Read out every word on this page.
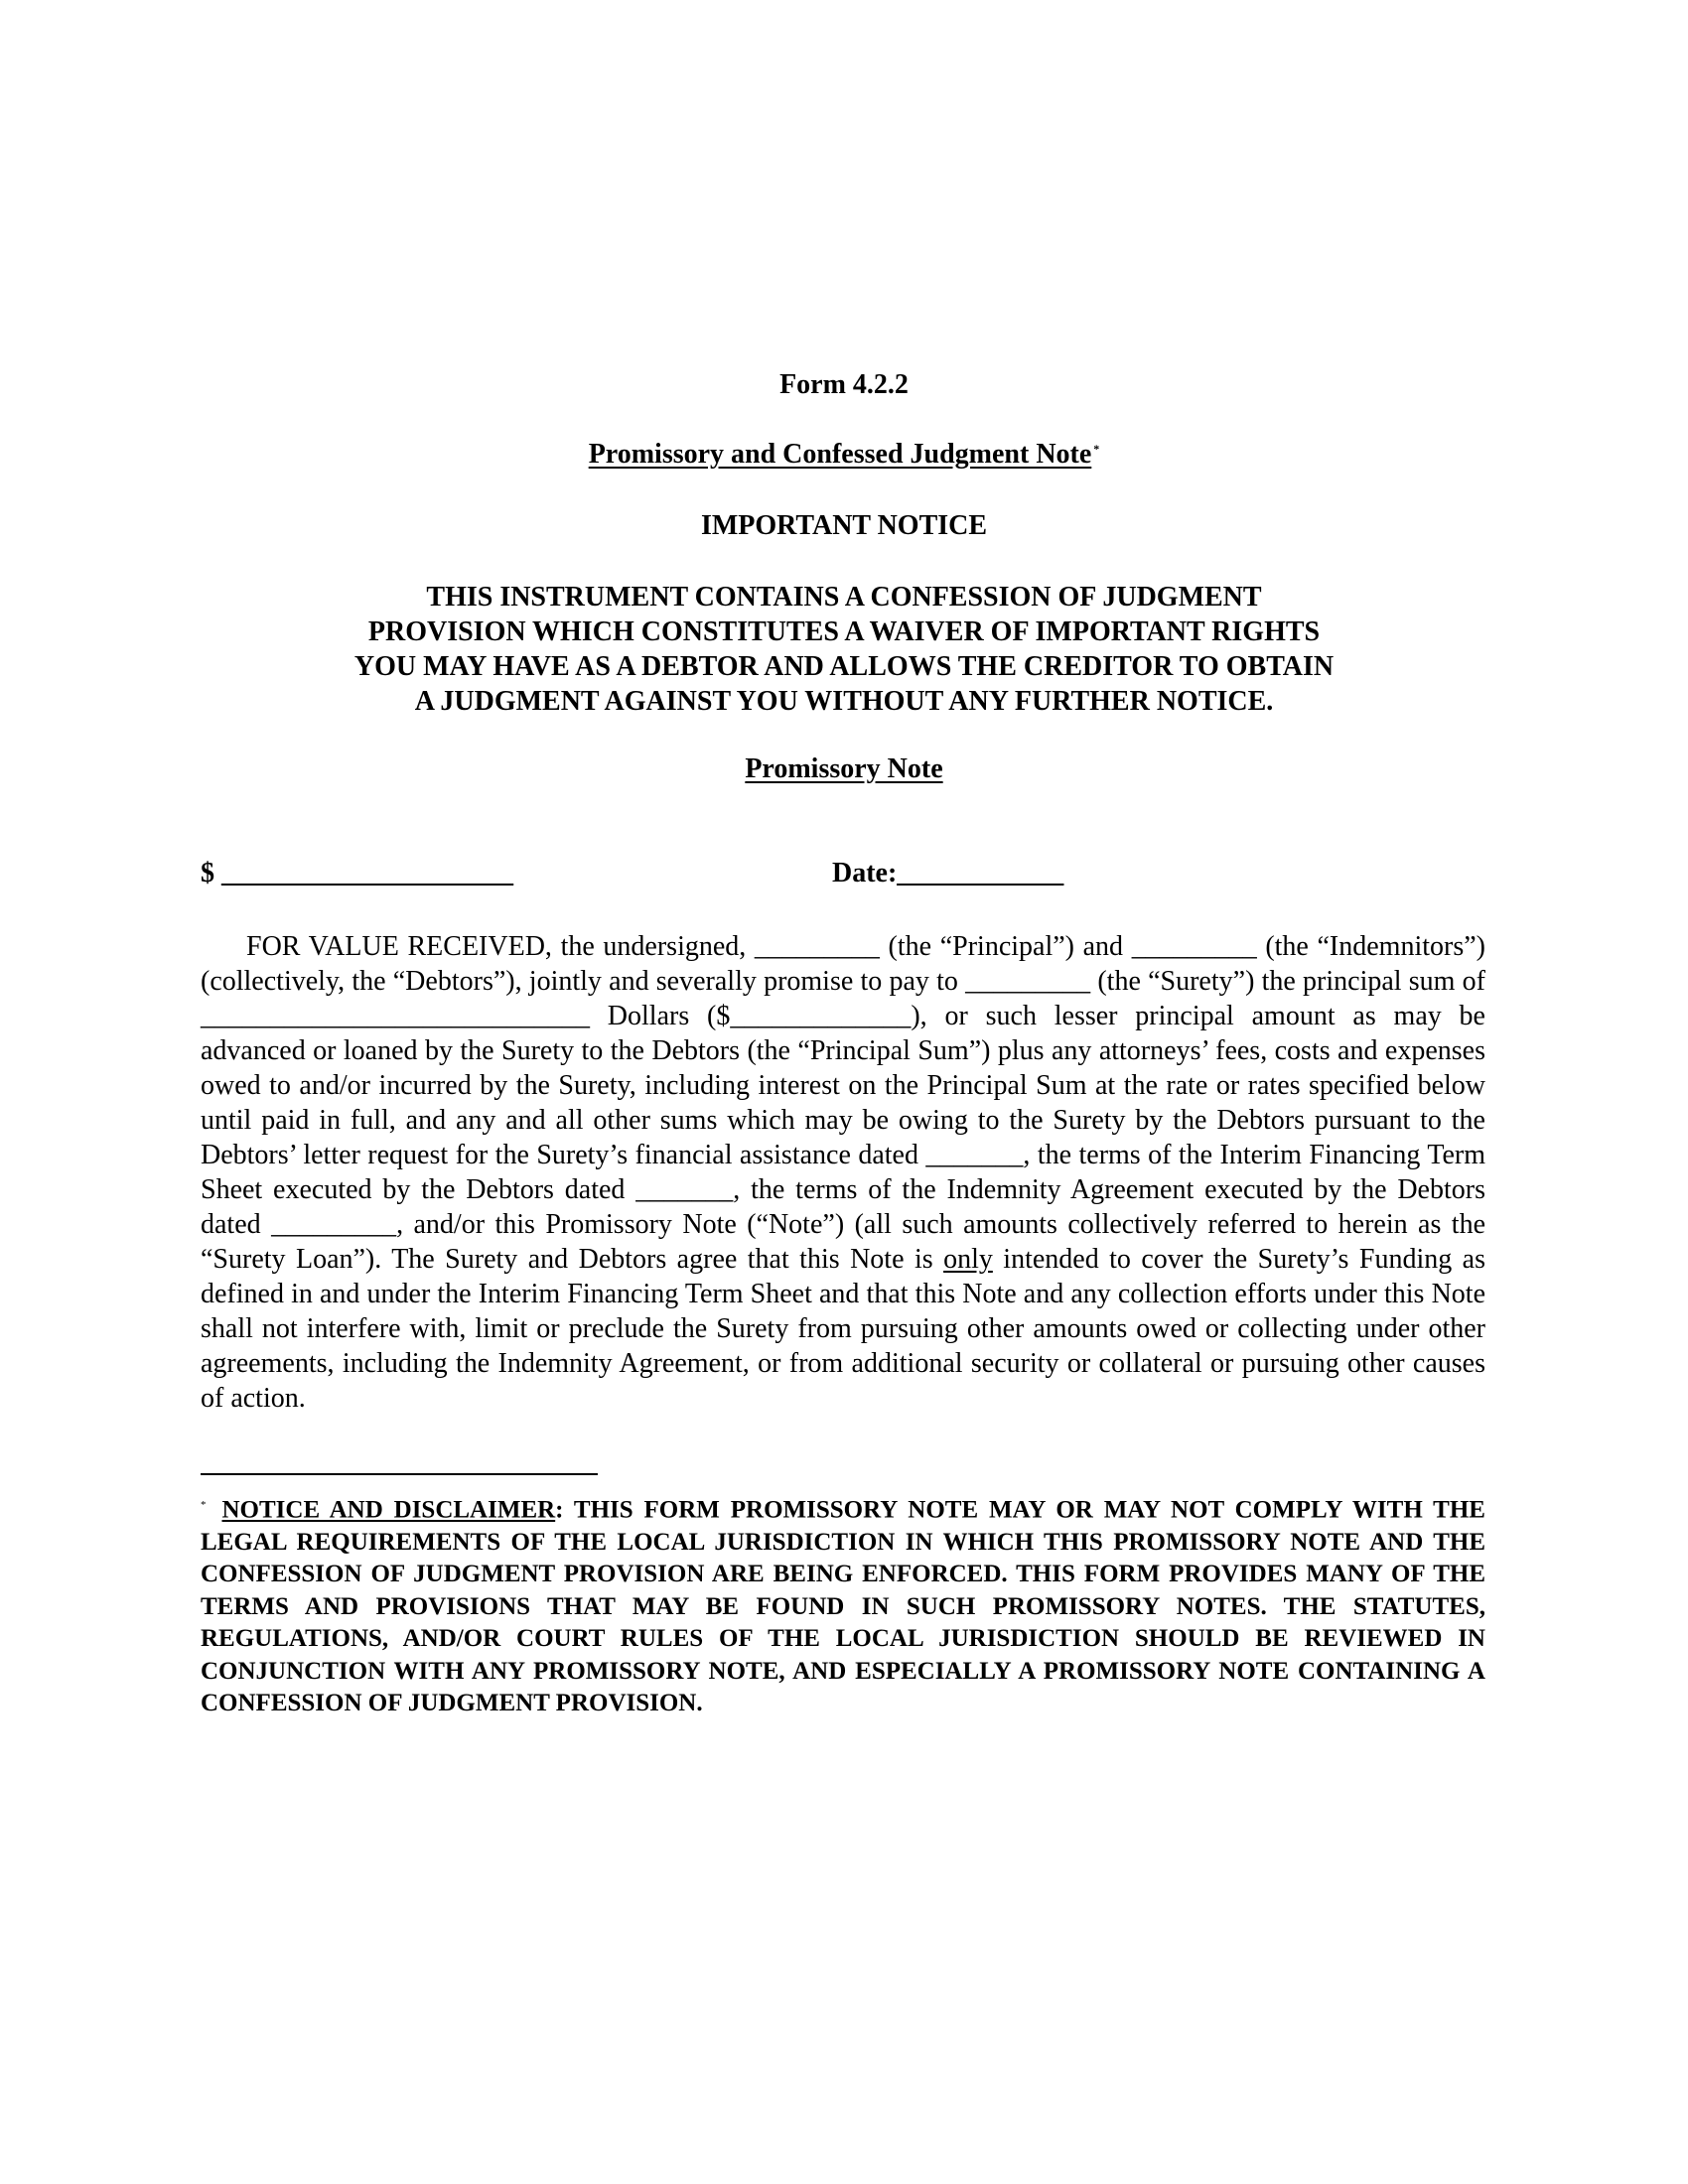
Form 4.2.2
Promissory and Confessed Judgment Note *
IMPORTANT NOTICE
THIS INSTRUMENT CONTAINS A CONFESSION OF JUDGMENT
PROVISION WHICH CONSTITUTES A WAIVER OF IMPORTANT RIGHTS
YOU MAY HAVE AS A DEBTOR AND ALLOWS THE CREDITOR TO OBTAIN
A JUDGMENT AGAINST YOU WITHOUT ANY FURTHER NOTICE.
Promissory Note
$ _____________________	Date:____________
FOR VALUE RECEIVED, the undersigned, _________ (the “Principal”) and _________ (the “Indemnitors”) (collectively, the “Debtors”), jointly and severally promise to pay to _________ (the “Surety”) the principal sum of ____________________________ Dollars ($_____________), or such lesser principal amount as may be advanced or loaned by the Surety to the Debtors (the “Principal Sum”) plus any attorneys’ fees, costs and expenses owed to and/or incurred by the Surety, including interest on the Principal Sum at the rate or rates specified below until paid in full, and any and all other sums which may be owing to the Surety by the Debtors pursuant to the Debtors’ letter request for the Surety’s financial assistance dated _______, the terms of the Interim Financing Term Sheet executed by the Debtors dated _______, the terms of the Indemnity Agreement executed by the Debtors dated _________, and/or this Promissory Note (“Note”) (all such amounts collectively referred to herein as the “Surety Loan”). The Surety and Debtors agree that this Note is only intended to cover the Surety’s Funding as defined in and under the Interim Financing Term Sheet and that this Note and any collection efforts under this Note shall not interfere with, limit or preclude the Surety from pursuing other amounts owed or collecting under other agreements, including the Indemnity Agreement, or from additional security or collateral or pursuing other causes of action.
* NOTICE AND DISCLAIMER: THIS FORM PROMISSORY NOTE MAY OR MAY NOT COMPLY WITH THE LEGAL REQUIREMENTS OF THE LOCAL JURISDICTION IN WHICH THIS PROMISSORY NOTE AND THE CONFESSION OF JUDGMENT PROVISION ARE BEING ENFORCED. THIS FORM PROVIDES MANY OF THE TERMS AND PROVISIONS THAT MAY BE FOUND IN SUCH PROMISSORY NOTES. THE STATUTES, REGULATIONS, AND/OR COURT RULES OF THE LOCAL JURISDICTION SHOULD BE REVIEWED IN CONJUNCTION WITH ANY PROMISSORY NOTE, AND ESPECIALLY A PROMISSORY NOTE CONTAINING A CONFESSION OF JUDGMENT PROVISION.
